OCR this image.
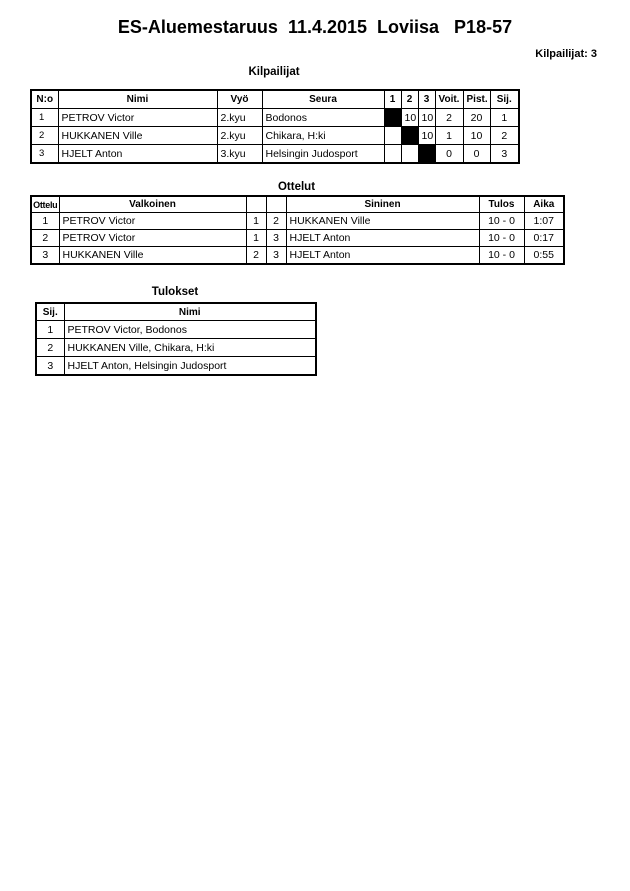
ES-Aluemestaruus  11.4.2015  Loviisa   P18-57
Kilpailijat: 3
Kilpailijat
N:o	Nimi	Vyö	Seura	1	2	3	Voit.	Pist.	Sij.
1	PETROV Victor	2.kyu	Bodonos		10	10	2	20	1
2	HUKKANEN Ville	2.kyu	Chikara, H:ki			10	1	10	2
3	HJELT Anton	3.kyu	Helsingin Judosport				0	0	3
Ottelut
Ottelu	Valkoinen			Sininen	Tulos	Aika
1	PETROV Victor	1	2	HUKKANEN Ville	10 - 0	1:07
2	PETROV Victor	1	3	HJELT Anton	10 - 0	0:17
3	HUKKANEN Ville	2	3	HJELT Anton	10 - 0	0:55
Tulokset
Sij.	Nimi
1	PETROV Victor, Bodonos
2	HUKKANEN Ville, Chikara, H:ki
3	HJELT Anton, Helsingin Judosport
